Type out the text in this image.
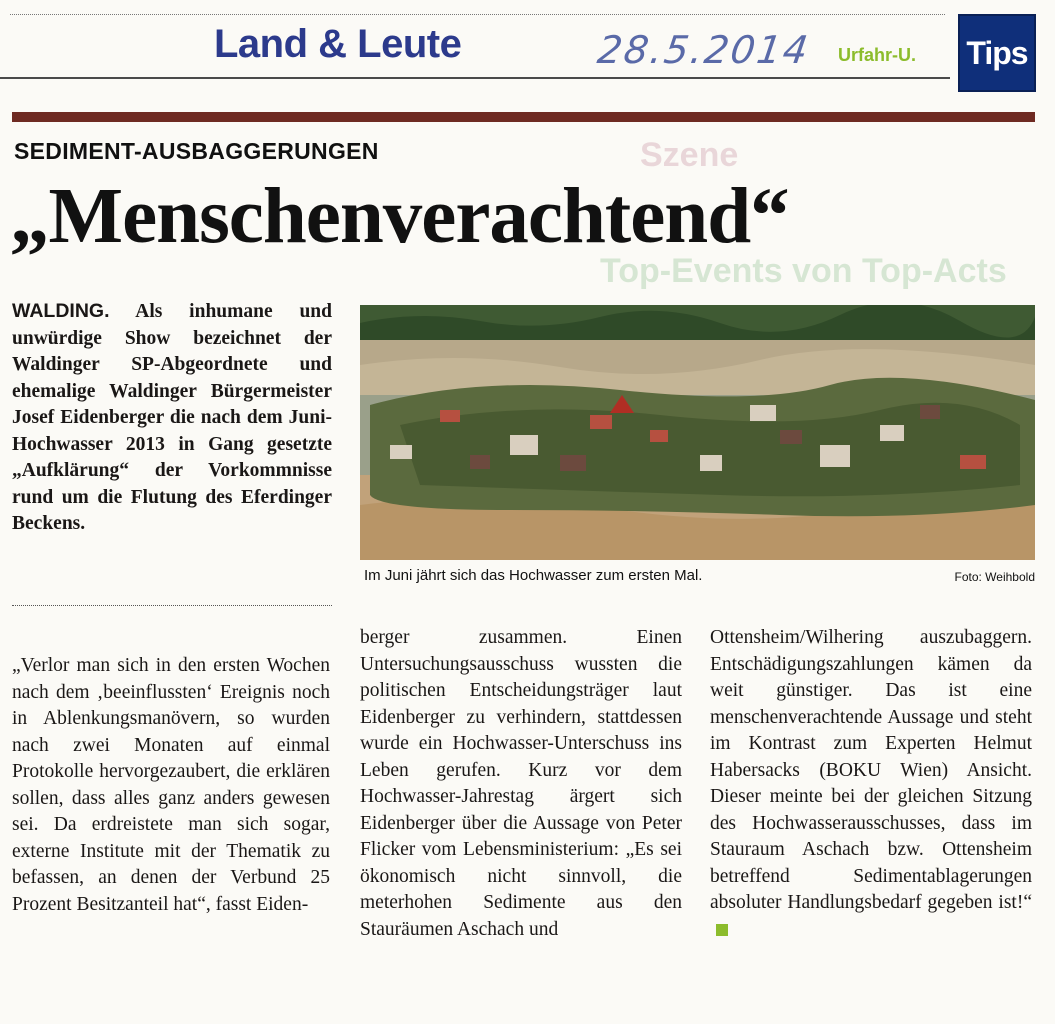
Land & Leute	28.5.2014 Urfahr-U. Tips
Szene
Top-Events von Top-Acts
SEDIMENT-AUSBAGGERUNGEN
„Menschenverachtend“
WALDING. Als inhumane und unwürdige Show bezeichnet der Waldinger SP-Abgeordnete und ehemalige Waldinger Bürgermeister Josef Eidenberger die nach dem Juni-Hochwasser 2013 in Gang gesetzte „Aufklärung“ der Vorkommnisse rund um die Flutung des Eferdinger Beckens.
Im Juni jährt sich das Hochwasser zum ersten Mal.	Foto: Weihbold

„Verlor man sich in den ersten Wochen nach dem ‚beeinflussten‘ Ereignis noch in Ablenkungsmanövern, so wurden nach zwei Monaten auf einmal Protokolle hervorgezaubert, die erklären sollen, dass alles ganz anders gewesen sei. Da erdreistete man sich sogar, externe Institute mit der Thematik zu befassen, an denen der Verbund 25 Prozent Besitzanteil hat“, fasst Eiden-

berger zusammen. Einen Untersuchungsausschuss wussten die politischen Entscheidungsträger laut Eidenberger zu verhindern, stattdessen wurde ein Hochwasser-Unterschuss ins Leben gerufen. Kurz vor dem Hochwasser-Jahrestag ärgert sich Eidenberger über die Aussage von Peter Flicker vom Lebensministerium: „Es sei ökonomisch nicht sinnvoll, die meterhohen Sedimente aus den Stauräumen Aschach und

Ottensheim/Wilhering auszubaggern. Entschädigungszahlungen kämen da weit günstiger. Das ist eine menschenverachtende Aussage und steht im Kontrast zum Experten Helmut Habersacks (BOKU Wien) Ansicht. Dieser meinte bei der gleichen Sitzung des Hochwasserausschusses, dass im Stauraum Aschach bzw. Ottensheim betreffend Sedimentablagerungen absoluter Handlungsbedarf gegeben ist!“
